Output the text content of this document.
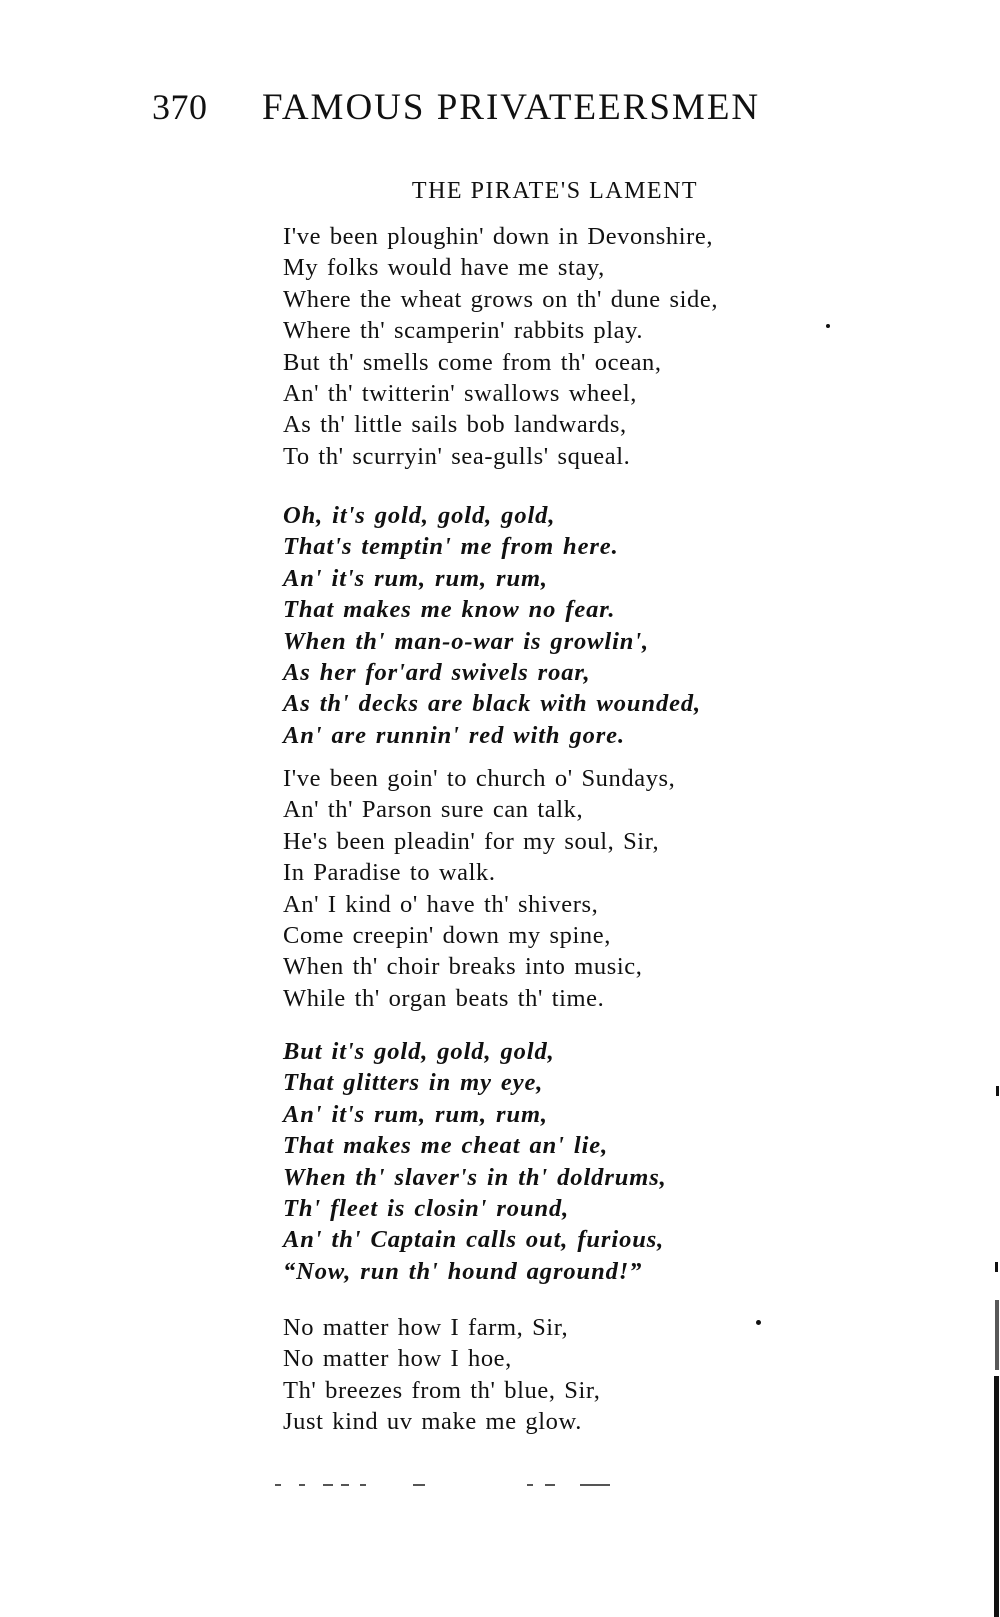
370 FAMOUS PRIVATEERSMEN
THE PIRATE'S LAMENT
I've been ploughin' down in Devonshire,
My folks would have me stay,
Where the wheat grows on th' dune side,
Where th' scamperin' rabbits play.
But th' smells come from th' ocean,
An' th' twitterin' swallows wheel,
As th' little sails bob landwards,
To th' scurryin' sea-gulls' squeal.
Oh, it's gold, gold, gold,
That's temptin' me from here.
An' it's rum, rum, rum,
That makes me know no fear.
When th' man-o-war is growlin',
As her for'ard swivels roar,
As th' decks are black with wounded,
An' are runnin' red with gore.
I've been goin' to church o' Sundays,
An' th' Parson sure can talk,
He's been pleadin' for my soul, Sir,
In Paradise to walk.
An' I kind o' have th' shivers,
Come creepin' down my spine,
When th' choir breaks into music,
While th' organ beats th' time.
But it's gold, gold, gold,
That glitters in my eye,
An' it's rum, rum, rum,
That makes me cheat an' lie,
When th' slaver's in th' doldrums,
Th' fleet is closin' round,
An' th' Captain calls out, furious,
“Now, run th' hound aground!”
No matter how I farm, Sir,
No matter how I hoe,
Th' breezes from th' blue, Sir,
Just kind uv make me glow.
